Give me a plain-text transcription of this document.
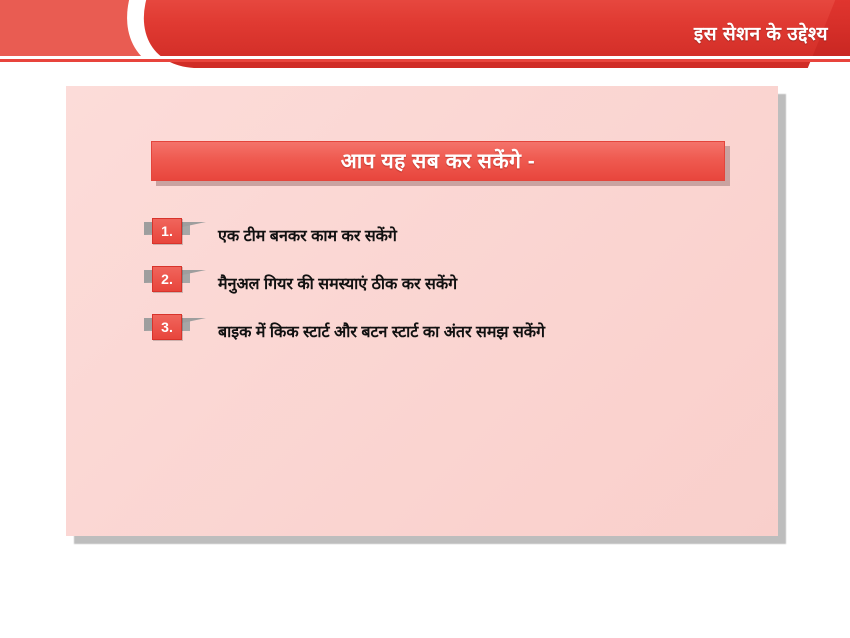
इस सेशन के उद्देश्य
आप यह सब कर सकेंगे -
1.	एक टीम बनकर काम कर सकेंगे
2.	मैनुअल गियर की समस्याएं ठीक कर सकेंगे
3.	बाइक में किक स्टार्ट और बटन स्टार्ट का अंतर समझ सकेंगे
